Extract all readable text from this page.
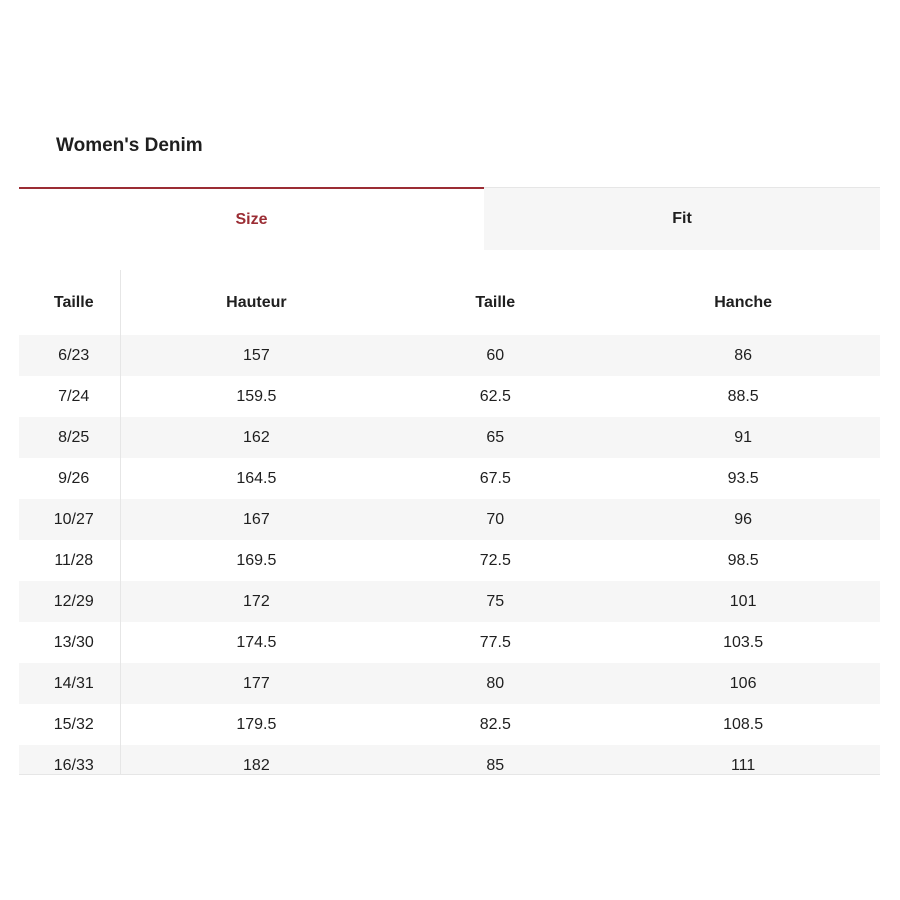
Women's Denim
Size	Fit
Taille	Hauteur	Taille	Hanche
6/23	157	60	86
7/24	159.5	62.5	88.5
8/25	162	65	91
9/26	164.5	67.5	93.5
10/27	167	70	96
11/28	169.5	72.5	98.5
12/29	172	75	101
13/30	174.5	77.5	103.5
14/31	177	80	106
15/32	179.5	82.5	108.5
16/33	182	85	111
